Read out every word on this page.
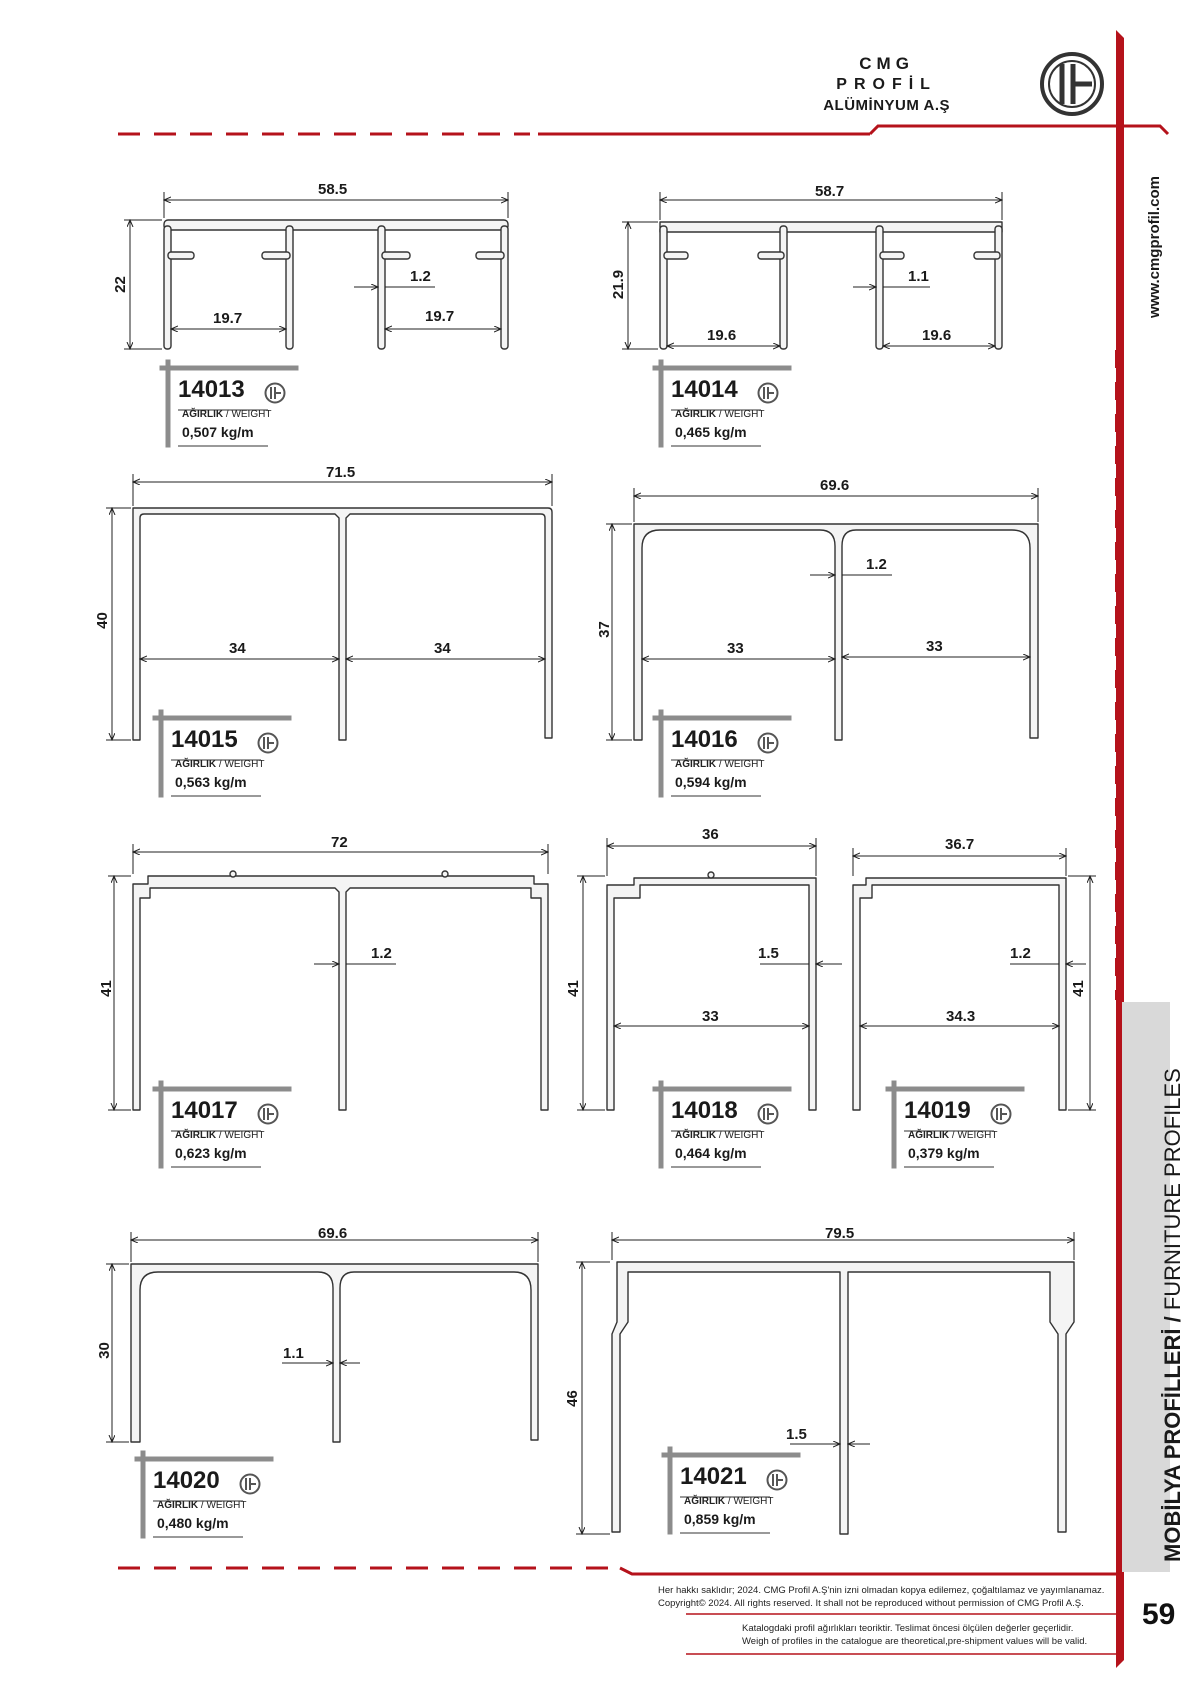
CMG
PROFİL
ALÜMİNYUM A.Ş
www.cmgprofil.com
MOBİLYA PROFİLLERİ / FURNITURE PROFILES
58.5
22
19.7	19.7
1.2
58.7
21.9
19.6	19.6
1.1
71.5
40
34	34
69.6
37
33	33
1.2
72
41
1.2
36
41
33
1.5
36.7
41
34.3
1.2
69.6
30	1.1
79.5
46
1.5
14013
AĞIRLIK / WEIGHT
0,507 kg/m
14014
AĞIRLIK / WEIGHT
0,465 kg/m
14015
AĞIRLIK / WEIGHT
0,563 kg/m
14016
AĞIRLIK / WEIGHT
0,594 kg/m
14017
AĞIRLIK / WEIGHT
0,623 kg/m
14018
AĞIRLIK / WEIGHT
0,464 kg/m
14019
AĞIRLIK / WEIGHT
0,379 kg/m
14020
AĞIRLIK / WEIGHT
0,480 kg/m
14021
AĞIRLIK / WEIGHT
0,859 kg/m
Her hakkı saklıdır; 2024. CMG Profil A.Ş'nin izni olmadan kopya edilemez, çoğaltılamaz ve yayımlanamaz.
Copyright© 2024. All rights reserved. It shall not be reproduced without permission of CMG Profil A.Ş.
Katalogdaki profil ağırlıkları teoriktir. Teslimat öncesi ölçülen değerler geçerlidir.
Weigh of profiles in the catalogue are theoretical,pre-shipment values will be valid.
59
